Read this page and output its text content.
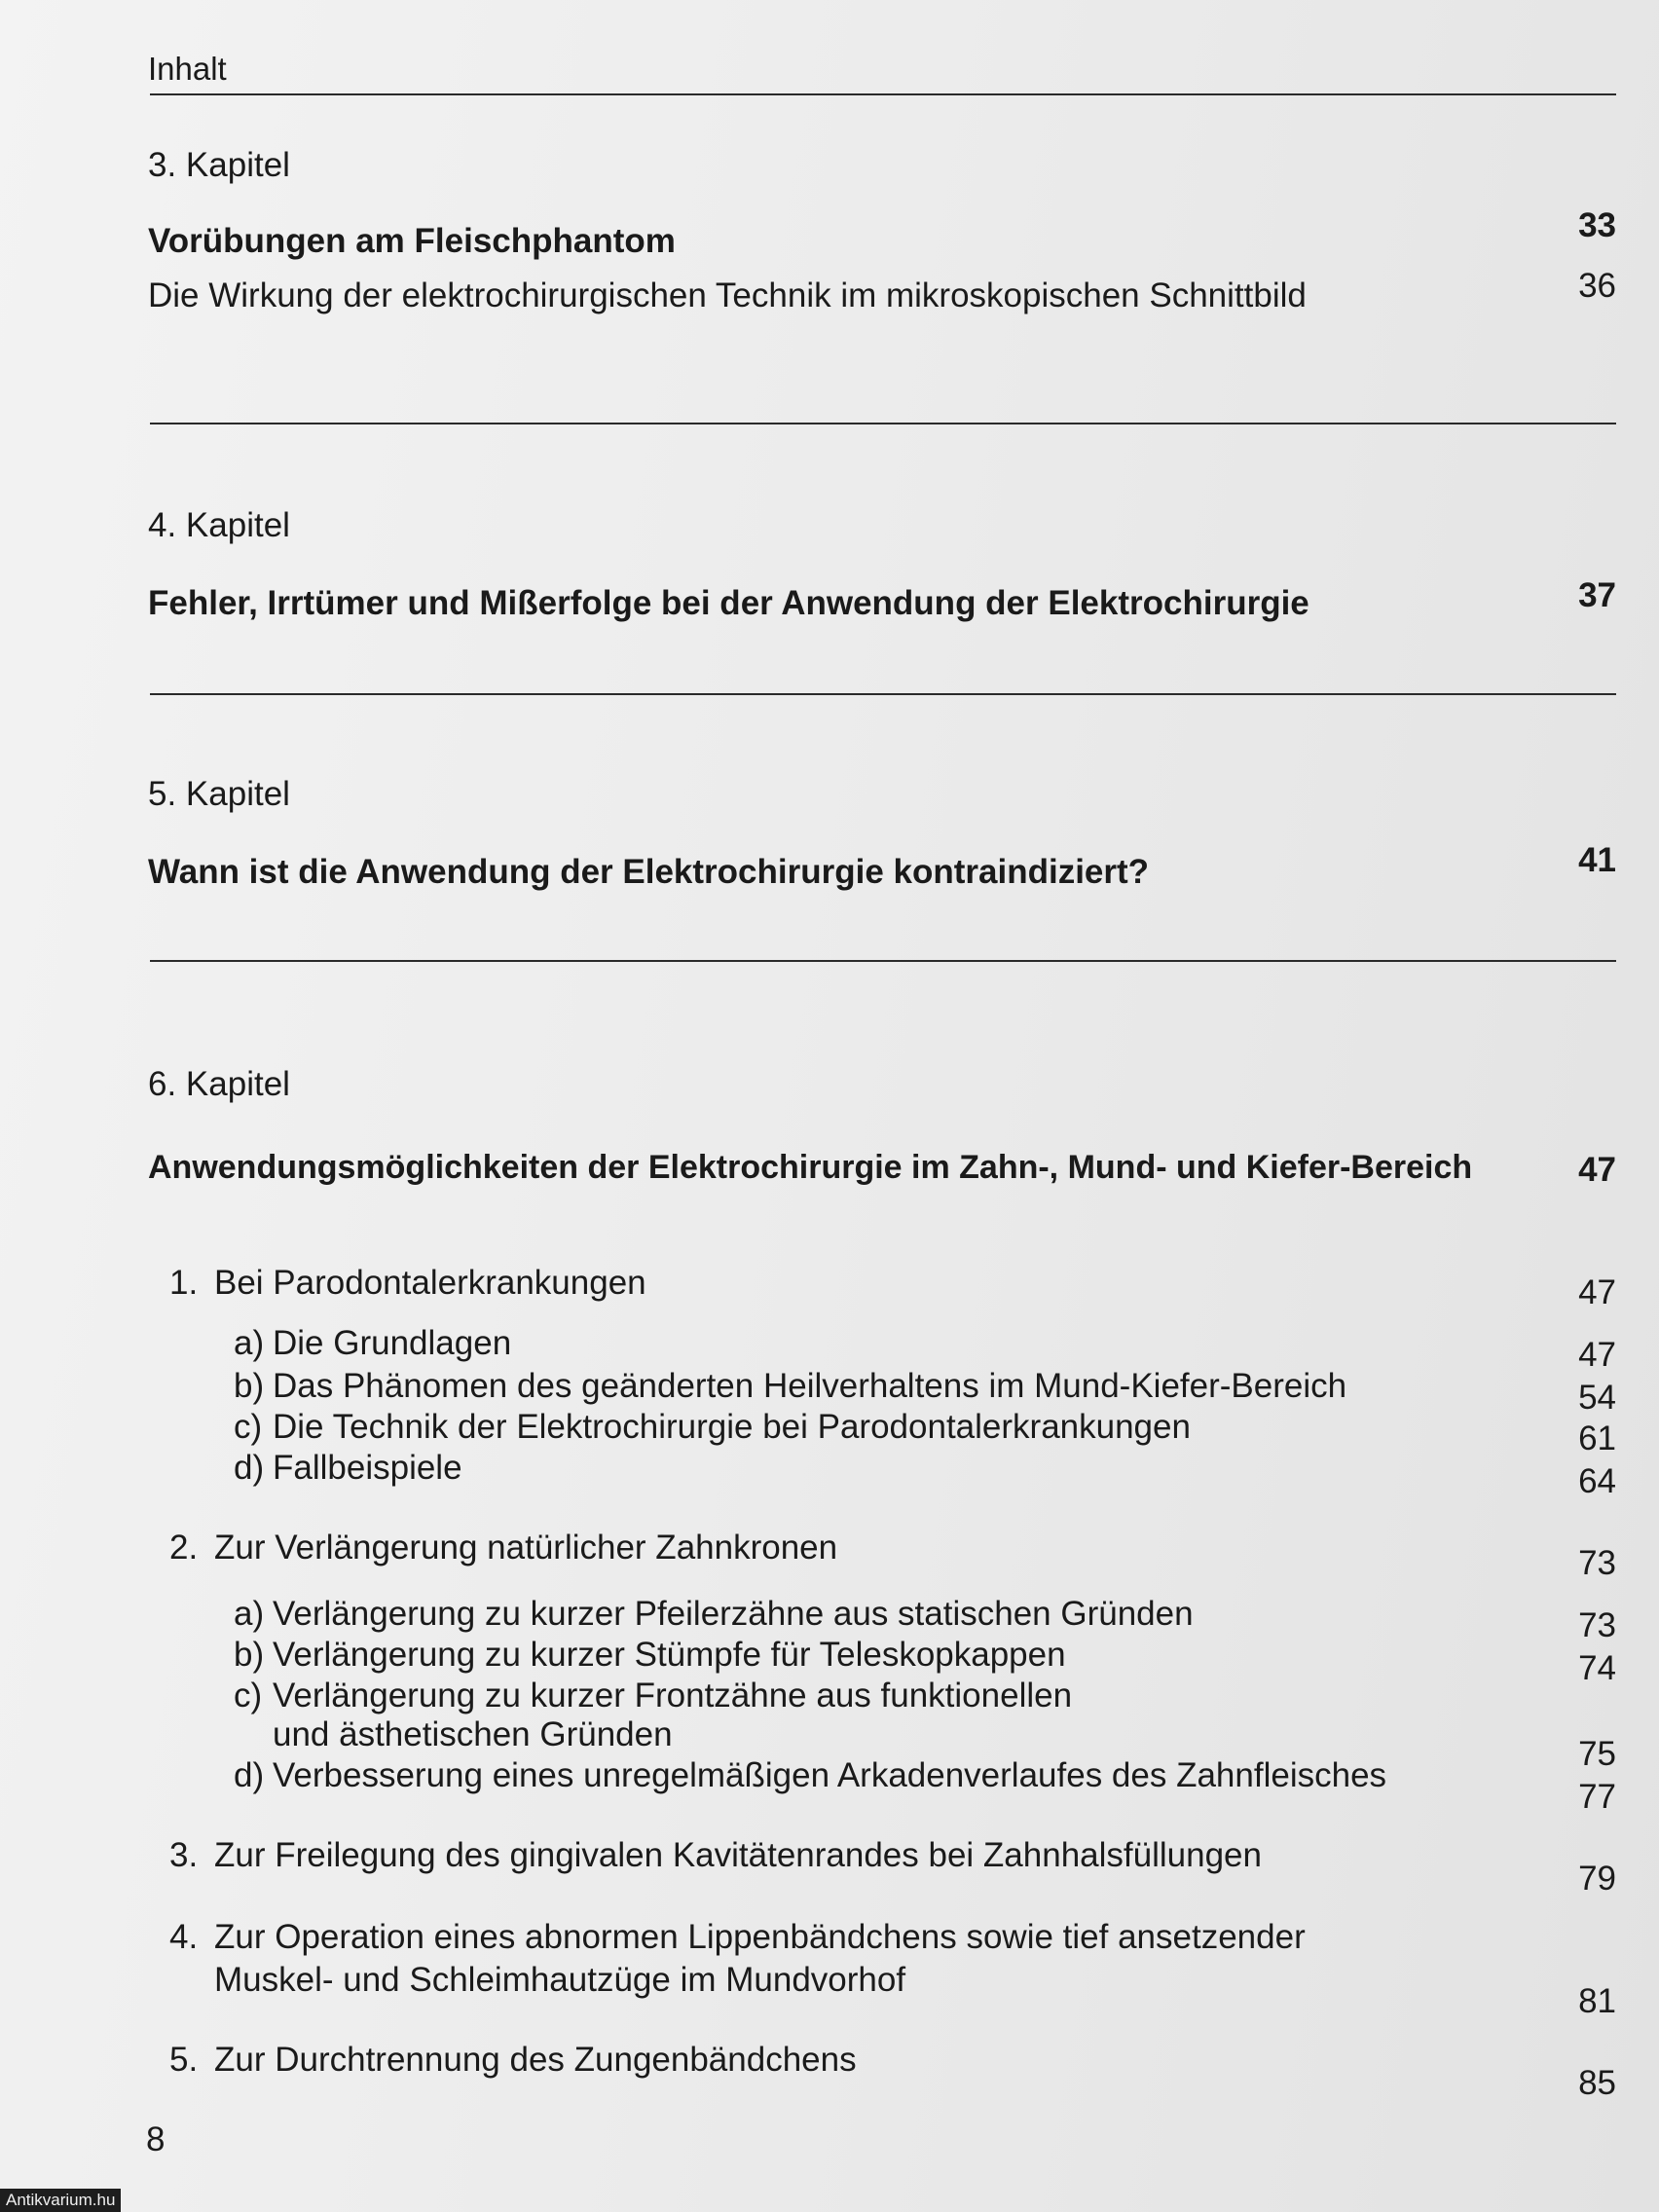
Inhalt
3. Kapitel
Vorübungen am Fleischphantom	33
Die Wirkung der elektrochirurgischen Technik im mikroskopischen Schnittbild	36
4. Kapitel
Fehler, Irrtümer und Mißerfolge bei der Anwendung der Elektrochirurgie	37
5. Kapitel
Wann ist die Anwendung der Elektrochirurgie kontraindiziert?	41
6. Kapitel
Anwendungsmöglichkeiten der Elektrochirurgie im Zahn-, Mund- und Kiefer-Bereich	47
1. Bei Parodontalerkrankungen	47
a) Die Grundlagen	47
b) Das Phänomen des geänderten Heilverhaltens im Mund-Kiefer-Bereich	54
c) Die Technik der Elektrochirurgie bei Parodontalerkrankungen	61
d) Fallbeispiele	64
2. Zur Verlängerung natürlicher Zahnkronen	73
a) Verlängerung zu kurzer Pfeilerzähne aus statischen Gründen	73
b) Verlängerung zu kurzer Stümpfe für Teleskopkappen	74
c) Verlängerung zu kurzer Frontzähne aus funktionellen
und ästhetischen Gründen
75
d) Verbesserung eines unregelmäßigen Arkadenverlaufes des Zahnfleisches
77
3. Zur Freilegung des gingivalen Kavitätenrandes bei Zahnhalsfüllungen
79
4. Zur Operation eines abnormen Lippenbändchens sowie tief ansetzender
Muskel- und Schleimhautzüge im Mundvorhof
81
5. Zur Durchtrennung des Zungenbändchens
85
8
Antikvarium.hu
